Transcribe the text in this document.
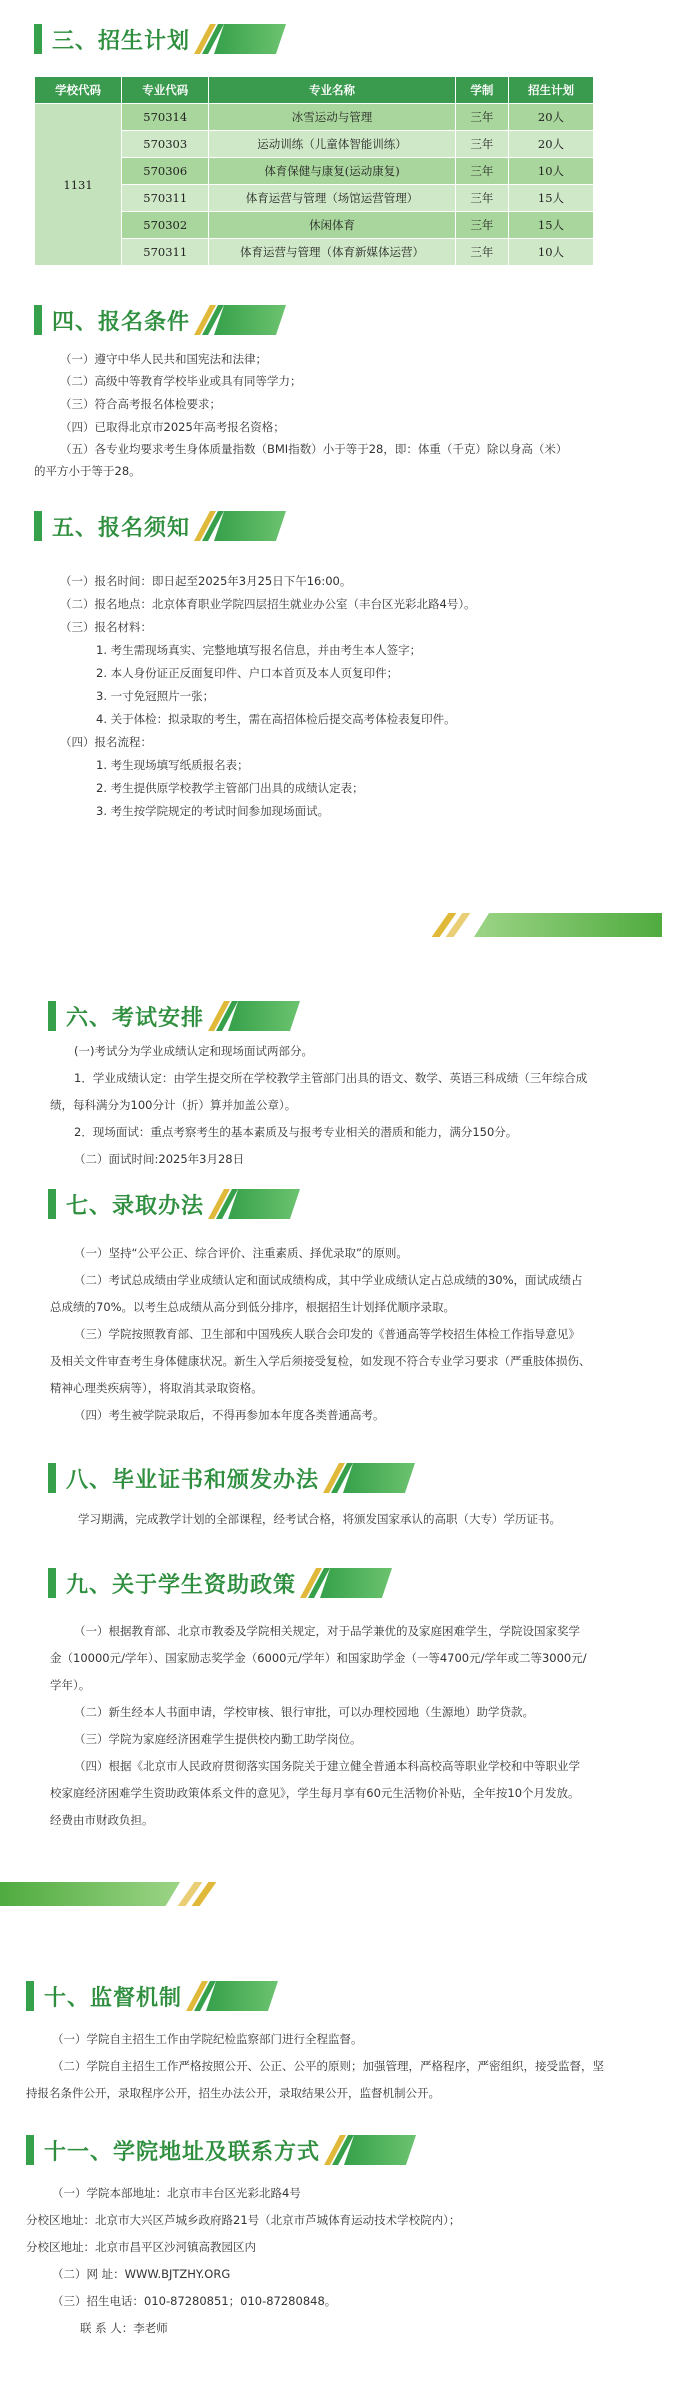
三、招生计划
学校代码	专业代码	专业名称	学制	招生计划
1131	570314	冰雪运动与管理	三年	20人
	570303	运动训练（儿童体智能训练）	三年	20人
	570306	体育保健与康复(运动康复)	三年	10人
	570311	体育运营与管理（场馆运营管理）	三年	15人
	570302	休闲体育	三年	15人
	570311	体育运营与管理（体育新媒体运营）	三年	10人
四、报名条件
（一）遵守中华人民共和国宪法和法律；
（二）高级中等教育学校毕业或具有同等学力；
（三）符合高考报名体检要求；
（四）已取得北京市2025年高考报名资格；
（五）各专业均要求考生身体质量指数（BMI指数）小于等于28，即：体重（千克）除以身高（米）
的平方小于等于28。
五、报名须知
（一）报名时间：即日起至2025年3月25日下午16:00。
（二）报名地点：北京体育职业学院四层招生就业办公室（丰台区光彩北路4号）。
（三）报名材料：
1. 考生需现场真实、完整地填写报名信息，并由考生本人签字；
2. 本人身份证正反面复印件、户口本首页及本人页复印件；
3. 一寸免冠照片一张；
4. 关于体检：拟录取的考生，需在高招体检后提交高考体检表复印件。
（四）报名流程：
1. 考生现场填写纸质报名表；
2. 考生提供原学校教学主管部门出具的成绩认定表；
3. 考生按学院规定的考试时间参加现场面试。
六、考试安排
(一)考试分为学业成绩认定和现场面试两部分。
1．学业成绩认定：由学生提交所在学校教学主管部门出具的语文、数学、英语三科成绩（三年综合成
绩，每科满分为100分计（折）算并加盖公章）。
2．现场面试：重点考察考生的基本素质及与报考专业相关的潜质和能力，满分150分。
（二）面试时间:2025年3月28日
七、录取办法
（一）坚持“公平公正、综合评价、注重素质、择优录取”的原则。
（二）考试总成绩由学业成绩认定和面试成绩构成，其中学业成绩认定占总成绩的30%，面试成绩占
总成绩的70%。以考生总成绩从高分到低分排序，根据招生计划择优顺序录取。
（三）学院按照教育部、卫生部和中国残疾人联合会印发的《普通高等学校招生体检工作指导意见》
及相关文件审查考生身体健康状况。新生入学后须接受复检，如发现不符合专业学习要求（严重肢体损伤、
精神心理类疾病等），将取消其录取资格。
（四）考生被学院录取后，不得再参加本年度各类普通高考。
八、毕业证书和颁发办法
学习期满，完成教学计划的全部课程，经考试合格，将颁发国家承认的高职（大专）学历证书。
九、关于学生资助政策
（一）根据教育部、北京市教委及学院相关规定，对于品学兼优的及家庭困难学生，学院设国家奖学
金（10000元/学年）、国家励志奖学金（6000元/学年）和国家助学金（一等4700元/学年或二等3000元/
学年）。
（二）新生经本人书面申请，学校审核、银行审批，可以办理校园地（生源地）助学贷款。
（三）学院为家庭经济困难学生提供校内勤工助学岗位。
（四）根据《北京市人民政府贯彻落实国务院关于建立健全普通本科高校高等职业学校和中等职业学
校家庭经济困难学生资助政策体系文件的意见》，学生每月享有60元生活物价补贴，全年按10个月发放。
经费由市财政负担。
十、监督机制
（一）学院自主招生工作由学院纪检监察部门进行全程监督。
（二）学院自主招生工作严格按照公开、公正、公平的原则；加强管理，严格程序，严密组织，接受监督，坚
持报名条件公开，录取程序公开，招生办法公开，录取结果公开，监督机制公开。
十一、学院地址及联系方式
（一）学院本部地址：北京市丰台区光彩北路4号
分校区地址：北京市大兴区芦城乡政府路21号（北京市芦城体育运动技术学校院内）；
分校区地址：北京市昌平区沙河镇高教园区内
（二）网 址：WWW.BJTZHY.ORG
（三）招生电话：010-87280851；010-87280848。
联 系 人：李老师
